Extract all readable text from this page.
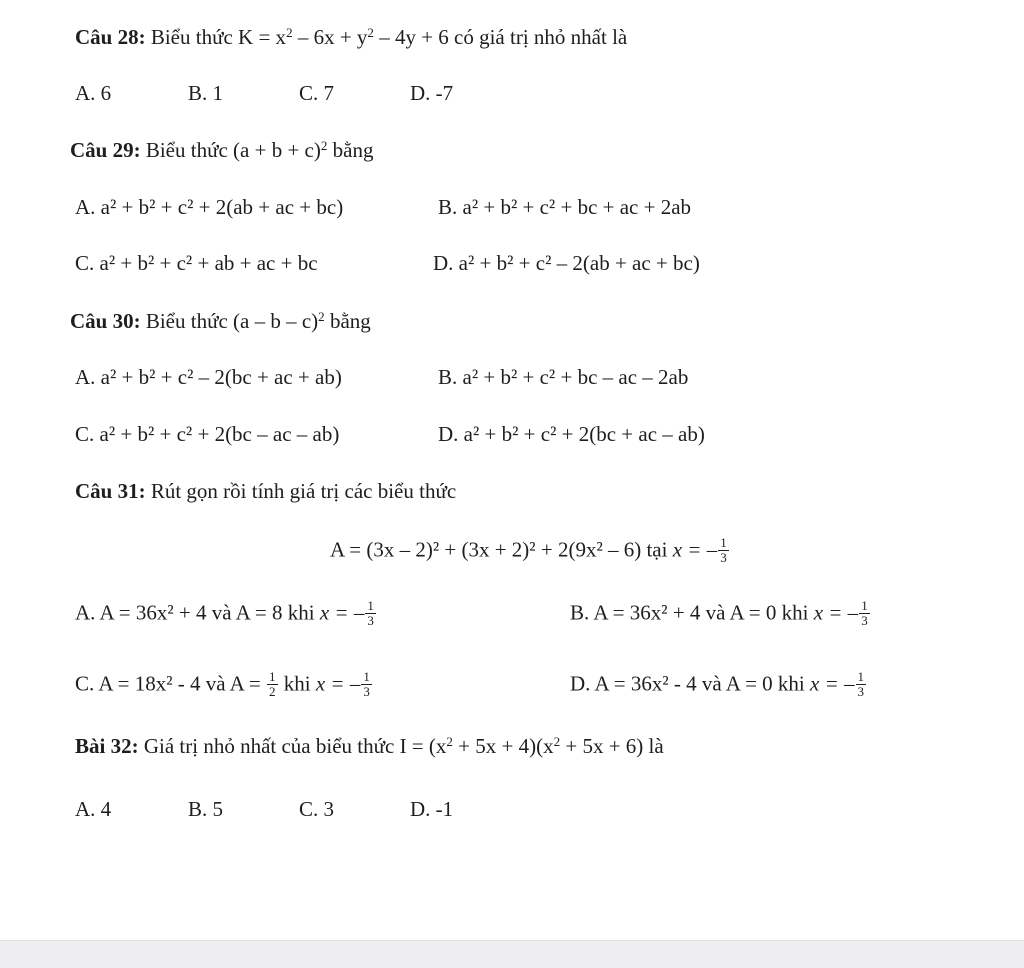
Câu 28: Biểu thức $K = x^2 - 6x + y^2 - 4y + 6$ có giá trị nhỏ nhất là
A. 6	B. 1	C. 7	D. -7
Câu 29: Biểu thức $(a + b + c)^2$ bằng
A. a² + b² + c² + 2(ab + ac + bc)	B. a² + b² + c² + bc + ac + 2ab
C. a² + b² + c² + ab + ac + bc	D. a² + b² + c² – 2(ab + ac + bc)
Câu 30: Biểu thức (a – b – c)$^2$ bằng
A. a² + b² + c² – 2(bc + ac + ab)	B. a² + b² + c² + bc – ac – 2ab
C. a² + b² + c² + 2(bc – ac – ab)	D. a² + b² + c² + 2(bc + ac – ab)
Câu 31: Rút gọn rồi tính giá trị các biểu thức
A = (3x – 2)² + (3x + 2)² + 2(9x² – 6) tại x = – $\frac{1}{3}$
A. A = 36x² + 4 và A = 8 khi x = – $\frac{1}{3}$	B. A = 36x² + 4 và A = 0 khi x = – $\frac{1}{3}$
C. A = 18x² - 4 và $A = \frac{1}{2}$ khi x = – $\frac{1}{3}$	D. A = 36x² - 4 và A = 0 khi x = – $\frac{1}{3}$
Bài 32: Giá trị nhỏ nhất của biểu thức $I = (x^2 + 5x + 4)(x^2 + 5x + 6)$ là
A. 4	B. 5	C. 3	D. -1
